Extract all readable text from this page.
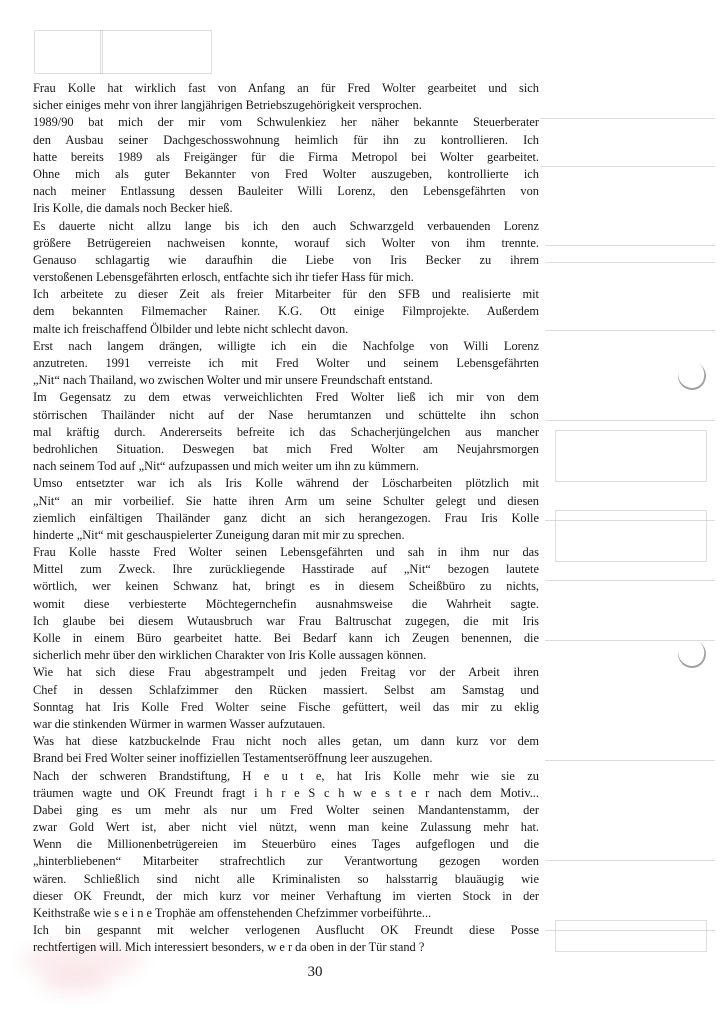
Frau Kolle hat wirklich fast von Anfang an für Fred Wolter gearbeitet und sich
sicher einiges mehr von ihrer langjährigen Betriebszugehörigkeit versprochen.
1989/90 bat mich der mir vom Schwulenkiez her näher bekannte Steuerberater
den Ausbau seiner Dachgeschosswohnung heimlich für ihn zu kontrollieren. Ich
hatte bereits 1989 als Freigänger für die Firma Metropol bei Wolter gearbeitet.
Ohne mich als guter Bekannter von Fred Wolter auszugeben, kontrollierte ich
nach meiner Entlassung dessen Bauleiter Willi Lorenz, den Lebensgefährten von
Iris Kolle, die damals noch Becker hieß.
Es dauerte nicht allzu lange bis ich den auch Schwarzgeld verbauenden Lorenz
größere Betrügereien nachweisen konnte, worauf sich Wolter von ihm trennte.
Genauso schlagartig wie daraufhin die Liebe von Iris Becker zu ihrem
verstoßenen Lebensgefährten erlosch, entfachte sich ihr tiefer Hass für mich.
Ich arbeitete zu dieser Zeit als freier Mitarbeiter für den SFB und realisierte mit
dem bekannten Filmemacher Rainer. K.G. Ott einige Filmprojekte. Außerdem
malte ich freischaffend Ölbilder und lebte nicht schlecht davon.
Erst nach langem drängen, willigte ich ein die Nachfolge von Willi Lorenz
anzutreten. 1991 verreiste ich mit Fred Wolter und seinem Lebensgefährten
„Nit“ nach Thailand, wo zwischen Wolter und mir unsere Freundschaft entstand.
Im Gegensatz zu dem etwas verweichlichten Fred Wolter ließ ich mir von dem
störrischen Thailänder nicht auf der Nase herumtanzen und schüttelte ihn schon
mal kräftig durch. Andererseits befreite ich das Schacherjüngelchen aus mancher
bedrohlichen Situation. Deswegen bat mich Fred Wolter am Neujahrsmorgen
nach seinem Tod auf „Nit“ aufzupassen und mich weiter um ihn zu kümmern.
Umso entsetzter war ich als Iris Kolle während der Löscharbeiten plötzlich mit
„Nit“ an mir vorbeilief. Sie hatte ihren Arm um seine Schulter gelegt und diesen
ziemlich einfältigen Thailänder ganz dicht an sich herangezogen. Frau Iris Kolle
hinderte „Nit“ mit geschauspielerter Zuneigung daran mit mir zu sprechen.
Frau Kolle hasste Fred Wolter seinen Lebensgefährten und sah in ihm nur das
Mittel zum Zweck. Ihre zurückliegende Hasstirade auf „Nit“ bezogen lautete
wörtlich, wer keinen Schwanz hat, bringt es in diesem Scheißbüro zu nichts,
womit diese verbiesterte Möchtegernchefin ausnahmsweise die Wahrheit sagte.
Ich glaube bei diesem Wutausbruch war Frau Baltruschat zugegen, die mit Iris
Kolle in einem Büro gearbeitet hatte. Bei Bedarf kann ich Zeugen benennen, die
sicherlich mehr über den wirklichen Charakter von Iris Kolle aussagen können.
Wie hat sich diese Frau abgestrampelt und jeden Freitag vor der Arbeit ihren
Chef in dessen Schlafzimmer den Rücken massiert. Selbst am Samstag und
Sonntag hat Iris Kolle Fred Wolter seine Fische gefüttert, weil das mir zu eklig
war die stinkenden Würmer in warmen Wasser aufzutauen.
Was hat diese katzbuckelnde Frau nicht noch alles getan, um dann kurz vor dem
Brand bei Fred Wolter seiner inoffiziellen Testamentseröffnung leer auszugehen.
Nach der schweren Brandstiftung, H e u t e, hat Iris Kolle mehr wie sie zu
träumen wagte und OK Freundt fragt i h r e S c h w e s t e r nach dem Motiv...
Dabei ging es um mehr als nur um Fred Wolter seinen Mandantenstamm, der
zwar Gold Wert ist, aber nicht viel nützt, wenn man keine Zulassung mehr hat.
Wenn die Millionenbetrügereien im Steuerbüro eines Tages aufgeflogen und die
„hinterbliebenen“ Mitarbeiter strafrechtlich zur Verantwortung gezogen worden
wären. Schließlich sind nicht alle Kriminalisten so halsstarrig blauäugig wie
dieser OK Freundt, der mich kurz vor meiner Verhaftung im vierten Stock in der
Keithstraße wie s e i n e Trophäe am offenstehenden Chefzimmer vorbeiführte...
Ich bin gespannt mit welcher verlogenen Ausflucht OK Freundt diese Posse
rechtfertigen will. Mich interessiert besonders, w e r da oben in der Tür stand ?
30
